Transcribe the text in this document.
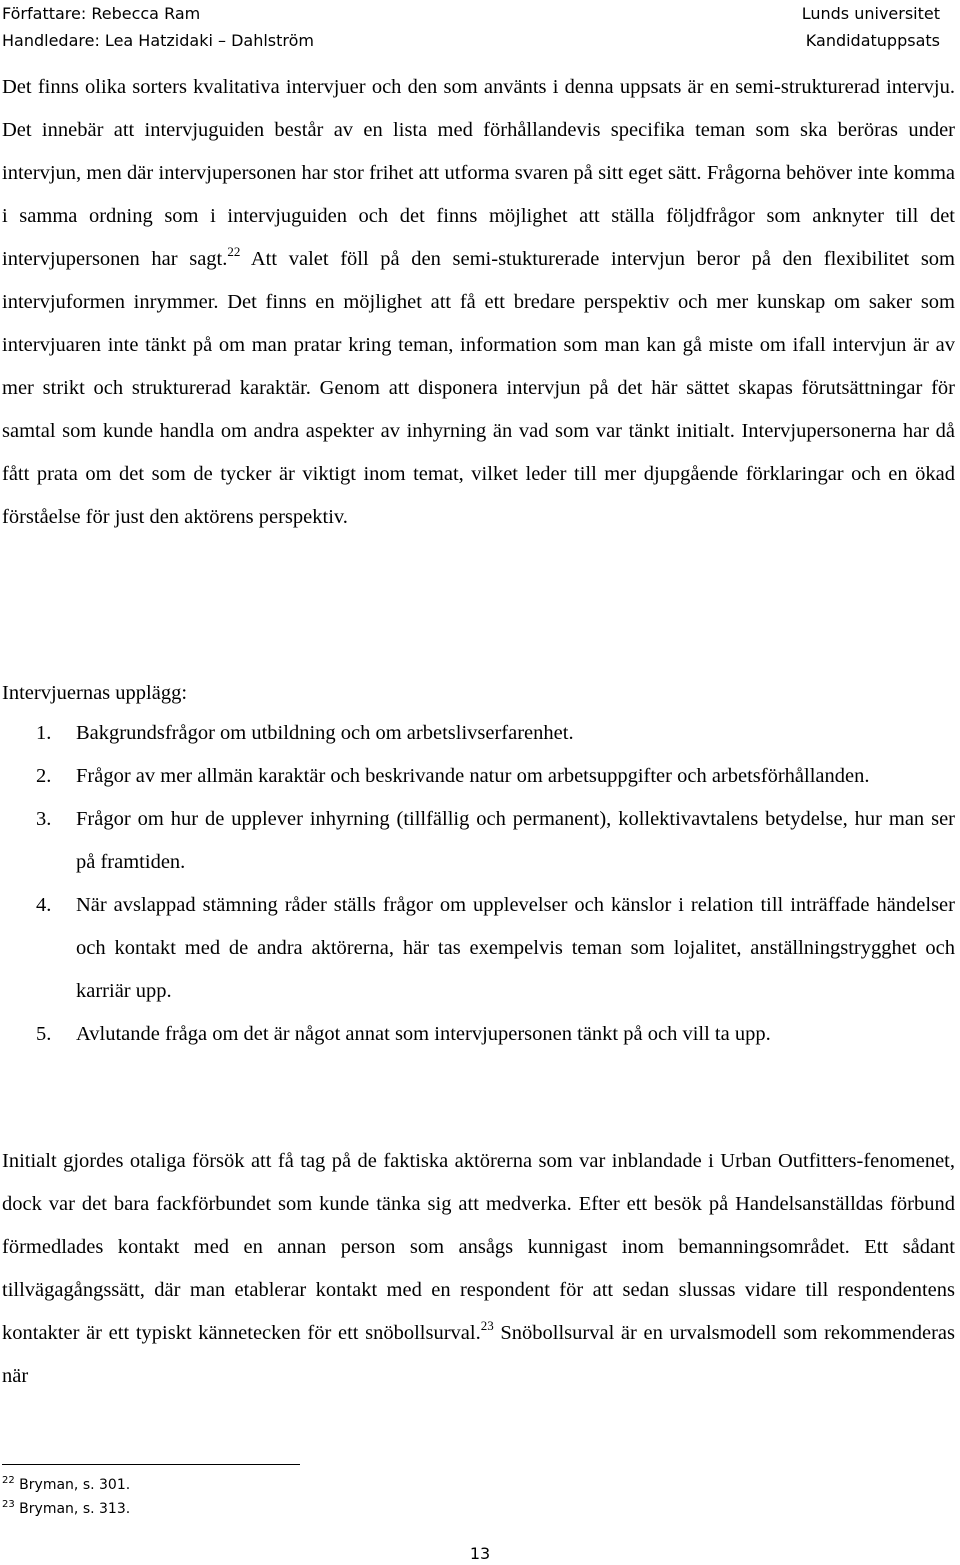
Författare: Rebecca Ram
Handledare: Lea Hatzidaki – Dahlström
Lunds universitet
Kandidatuppsats

Det finns olika sorters kvalitativa intervjuer och den som använts i denna uppsats är en semi-strukturerad intervju. Det innebär att intervjuguiden består av en lista med förhållandevis specifika teman som ska beröras under intervjun, men där intervjupersonen har stor frihet att utforma svaren på sitt eget sätt. Frågorna behöver inte komma i samma ordning som i intervjuguiden och det finns möjlighet att ställa följdfrågor som anknyter till det intervjupersonen har sagt.$^{22}$ Att valet föll på den semi-stukturerade intervjun beror på den flexibilitet som intervjuformen inrymmer. Det finns en möjlighet att få ett bredare perspektiv och mer kunskap om saker som intervjuaren inte tänkt på om man pratar kring teman, information som man kan gå miste om ifall intervjun är av mer strikt och strukturerad karaktär. Genom att disponera intervjun på det här sättet skapas förutsättningar för samtal som kunde handla om andra aspekter av inhyrning än vad som var tänkt initialt. Intervjupersonerna har då fått prata om det som de tycker är viktigt inom temat, vilket leder till mer djupgående förklaringar och en ökad förståelse för just den aktörens perspektiv.

Intervjuernas upplägg:
1.	Bakgrundsfrågor om utbildning och om arbetslivserfarenhet.
2.	Frågor av mer allmän karaktär och beskrivande natur om arbetsuppgifter och arbetsförhållanden.
3.	Frågor om hur de upplever inhyrning (tillfällig och permanent), kollektivavtalens betydelse, hur man ser på framtiden.
4.	När avslappad stämning råder ställs frågor om upplevelser och känslor i relation till inträffade händelser och kontakt med de andra aktörerna, här tas exempelvis teman som lojalitet, anställningstrygghet och karriär upp.
5.	Avlutande fråga om det är något annat som intervjupersonen tänkt på och vill ta upp.

Initialt gjordes otaliga försök att få tag på de faktiska aktörerna som var inblandade i Urban Outfitters-fenomenet, dock var det bara fackförbundet som kunde tänka sig att medverka. Efter ett besök på Handelsanställdas förbund förmedlades kontakt med en annan person som ansågs kunnigast inom bemanningsområdet. Ett sådant tillvägagångssätt, där man etablerar kontakt med en respondent för att sedan slussas vidare till respondentens kontakter är ett typiskt kännetecken för ett snöbollsurval.$^{23}$ Snöbollsurval är en urvalsmodell som rekommenderas när

$^{22}$ Bryman, s. 301.
$^{23}$ Bryman, s. 313.
13
